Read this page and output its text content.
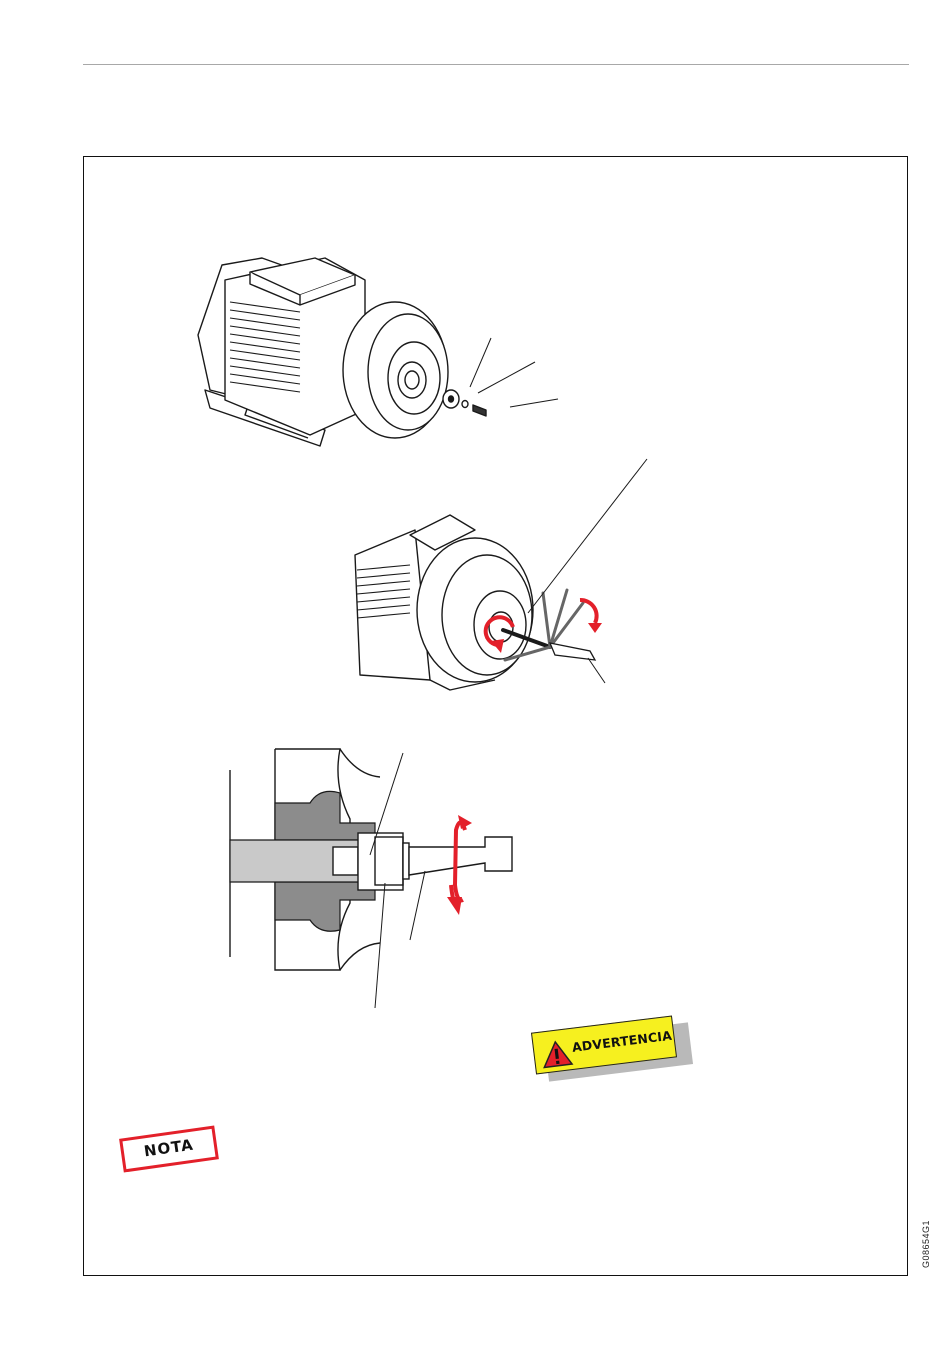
ADVERTENCIA
NOTA
G08654G1
